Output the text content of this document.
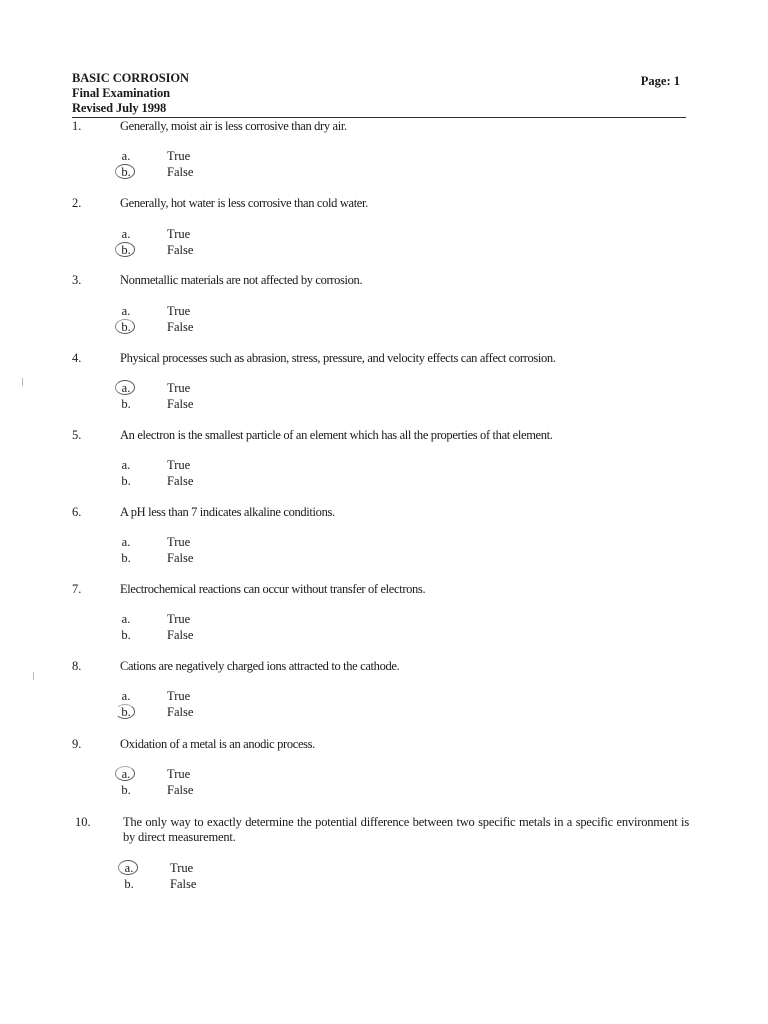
BASIC CORROSION
Final Examination
Revised July 1998
Page: 1
1.	Generally, moist air is less corrosive than dry air.
a.	True
b.	False
2.	Generally, hot water is less corrosive than cold water.
a.	True
b.	False
3.	Nonmetallic materials are not affected by corrosion.
a.	True
b.	False
4.	Physical processes such as abrasion, stress, pressure, and velocity effects can affect corrosion.
a.	True
b.	False
5.	An electron is the smallest particle of an element which has all the properties of that element.
a.	True
b.	False
6.	A pH less than 7 indicates alkaline conditions.
a.	True
b.	False
7.	Electrochemical reactions can occur without transfer of electrons.
a.	True
b.	False
8.	Cations are negatively charged ions attracted to the cathode.
a.	True
b.	False
9.	Oxidation of a metal is an anodic process.
a.	True
b.	False
10.	The only way to exactly determine the potential difference between two specific metals in a specific environment is by direct measurement.
a.	True
b.	False
